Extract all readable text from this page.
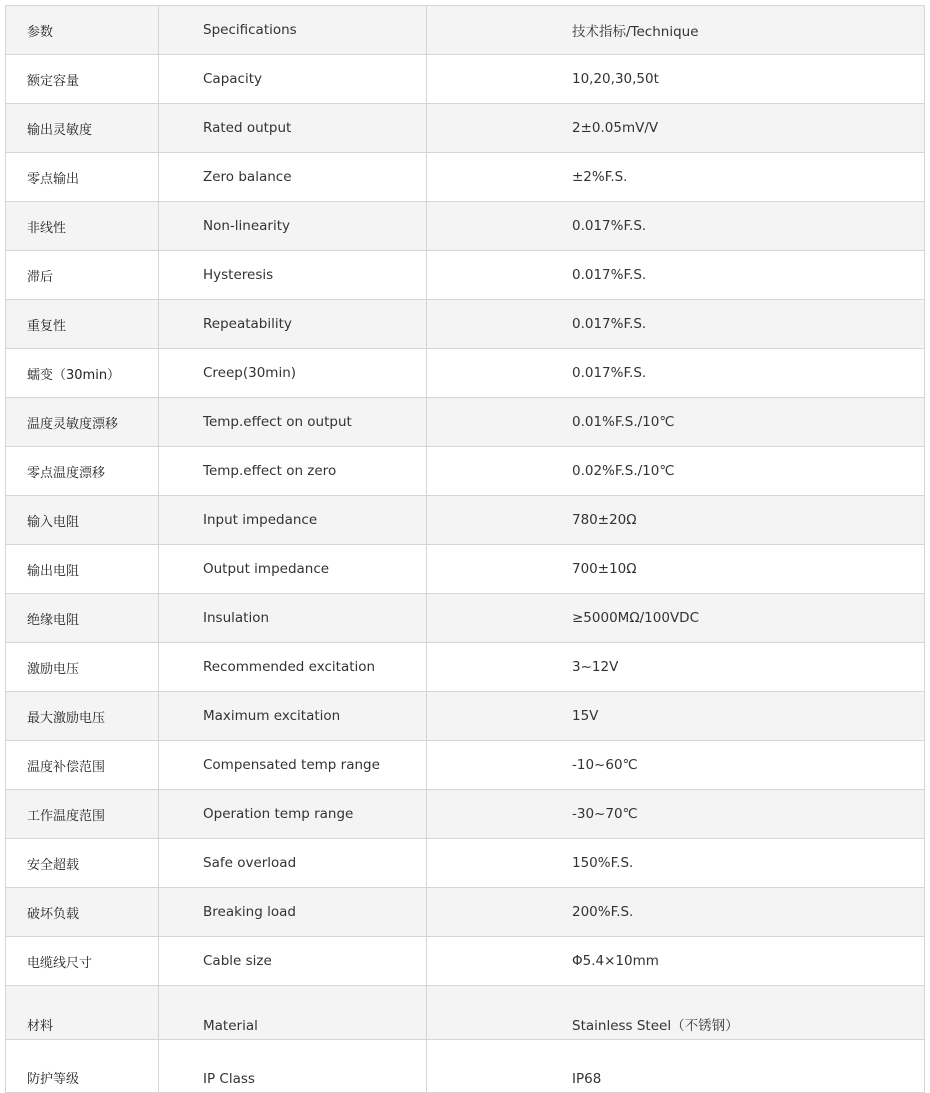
参数	Specifications	技术指标/Technique
额定容量	Capacity	10,20,30,50t
输出灵敏度	Rated output	2±0.05mV/V
零点输出	Zero balance	±2%F.S.
非线性	Non-linearity	0.017%F.S.
滞后	Hysteresis	0.017%F.S.
重复性	Repeatability	0.017%F.S.
蠕变（30min）	Creep(30min)	0.017%F.S.
温度灵敏度漂移	Temp.effect on output	0.01%F.S./10℃
零点温度漂移	Temp.effect on zero	0.02%F.S./10℃
输入电阻	Input impedance	780±20Ω
输出电阻	Output impedance	700±10Ω
绝缘电阻	Insulation	≥5000MΩ/100VDC
激励电压	Recommended excitation	3~12V
最大激励电压	Maximum excitation	15V
温度补偿范围	Compensated temp range	-10~60℃
工作温度范围	Operation temp range	-30~70℃
安全超载	Safe overload	150%F.S.
破坏负载	Breaking load	200%F.S.
电缆线尺寸	Cable size	Φ5.4×10mm
材料	Material	Stainless Steel（不锈钢）
防护等级	IP Class	IP68
